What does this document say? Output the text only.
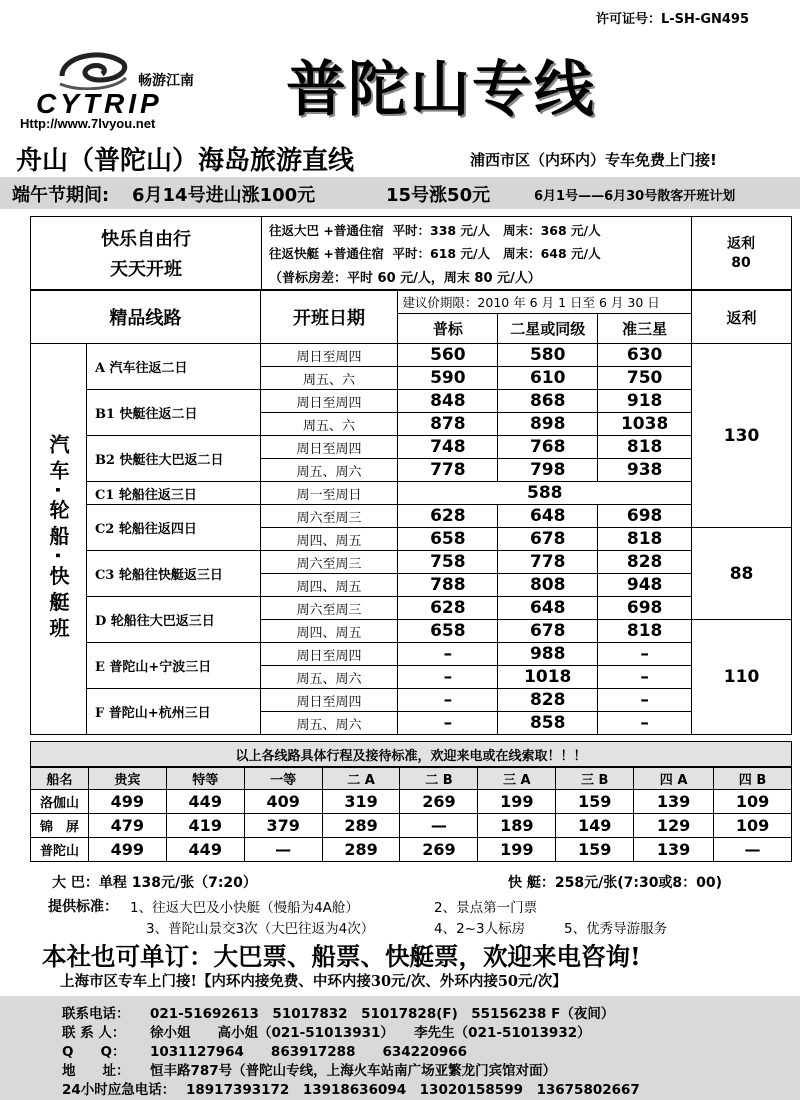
许可证号：L-SH-GN495
畅游江南
CYTRIP
Http://www.7lvyou.net 普陀山专线
舟山（普陀山）海岛旅游直线	浦西市区（内环内）专车免费上门接!
端午节期间: 6月14号进山涨100元	15号涨50元	6月1号——6月30号散客开班计划
快乐自由行
天天开班
往返大巴 +普通住宿  平时：338 元/人   周末：368 元/人
往返快艇 +普通住宿  平时：618 元/人   周末：648 元/人
（普标房差：平时 60 元/人，周末 80 元/人）
返利
80
精品线路		开班日期	建议价期限：2010 年 6 月 1 日至 6 月 30 日			返利
			普标	二星或同级	准三星	
汽车·轮船·快艇班	A 汽车往返二日	周日至周四	560	580	630	130
		周五、六	590	610	750	
	B1 快艇往返二日	周日至周四	848	868	918	
		周五、六	878	898	1038	
	B2 快艇往大巴返二日	周日至周四	748	768	818	
		周五、周六	778	798	938	
	C1 轮船往返三日	周一至周日	588			
	C2 轮船往返四日	周六至周三	628	648	698	
		周四、周五	658	678	818	88
	C3 轮船往快艇返三日	周六至周三	758	778	828	
		周四、周五	788	808	948	
	D 轮船往大巴返三日	周六至周三	628	648	698	
		周四、周五	658	678	818	110
	E 普陀山+宁波三日	周日至周四	–	988	–	
		周五、周六	–	1018	–	
	F 普陀山+杭州三日	周日至周四	–	828	–	
		周五、周六	–	858	–	
以上各线路具体行程及接待标准，欢迎来电或在线索取！！！
船名	贵宾	特等	一等	二 A	二 B	三 A	三 B	四 A	四 B
洛伽山	499	449	409	319	269	199	159	139	109
锦　屏	479	419	379	289	—	189	149	129	109
普陀山	499	449	—	289	269	199	159	139	—
大 巴：单程 138元/张（7:20）	快 艇：258元/张(7:30或8：00)
提供标准： 1、往返大巴及小快艇（慢船为4A舱）	2、景点第一门票
3、普陀山景交3次（大巴往返为4次）	4、2~3人标房	5、优秀导游服务
本社也可单订：大巴票、船票、快艇票，欢迎来电咨询!
上海市区专车上门接!【内环内接免费、中环内接30元/次、外环内接50元/次】
联系电话： 021-51692613　51017832　51017828(F)　55156238 F（夜间）
联 系 人： 徐小姐　　高小姐（021-51013931）　　李先生（021-51013932）
Q　　Q： 1031127964　　863917288　　634220966
地　　址： 恒丰路787号（普陀山专线，上海火车站南广场亚繁龙门宾馆对面）
24小时应急电话： 18917393172　13918636094　13020158599　13675802667
